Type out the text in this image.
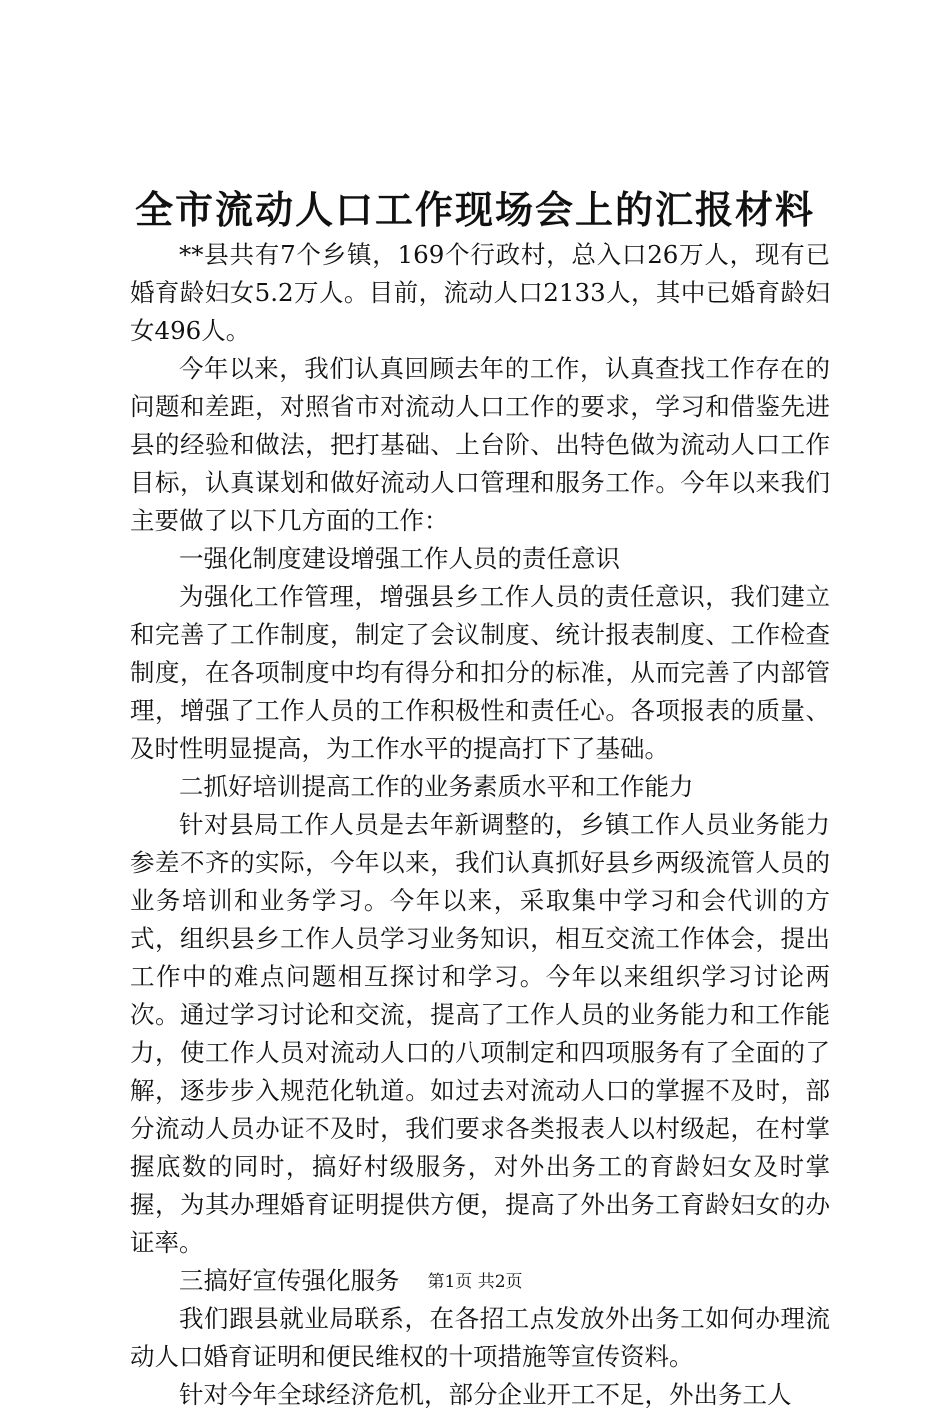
全市流动人口工作现场会上的汇报材料

**县共有7个乡镇，169个行政村，总入口26万人，现有已婚育龄妇女5.2万人。目前，流动人口2133人，其中已婚育龄妇女496人。

今年以来，我们认真回顾去年的工作，认真查找工作存在的问题和差距，对照省市对流动人口工作的要求，学习和借鉴先进县的经验和做法，把打基础、上台阶、出特色做为流动人口工作目标，认真谋划和做好流动人口管理和服务工作。今年以来我们主要做了以下几方面的工作：

一强化制度建设增强工作人员的责任意识

为强化工作管理，增强县乡工作人员的责任意识，我们建立和完善了工作制度，制定了会议制度、统计报表制度、工作检查制度，在各项制度中均有得分和扣分的标准，从而完善了内部管理，增强了工作人员的工作积极性和责任心。各项报表的质量、及时性明显提高，为工作水平的提高打下了基础。

二抓好培训提高工作的业务素质水平和工作能力

针对县局工作人员是去年新调整的，乡镇工作人员业务能力参差不齐的实际，今年以来，我们认真抓好县乡两级流管人员的业务培训和业务学习。今年以来，采取集中学习和会代训的方式，组织县乡工作人员学习业务知识，相互交流工作体会，提出工作中的难点问题相互探讨和学习。今年以来组织学习讨论两次。通过学习讨论和交流，提高了工作人员的业务能力和工作能力，使工作人员对流动人口的八项制定和四项服务有了全面的了解，逐步步入规范化轨道。如过去对流动人口的掌握不及时，部分流动人员办证不及时，我们要求各类报表人以村级起，在村掌握底数的同时，搞好村级服务，对外出务工的育龄妇女及时掌握，为其办理婚育证明提供方便，提高了外出务工育龄妇女的办证率。

三搞好宣传强化服务

我们跟县就业局联系，在各招工点发放外出务工如何办理流动人口婚育证明和便民维权的十项措施等宣传资料。

针对今年全球经济危机，部分企业开工不足，外出务工人

第1页 共2页
